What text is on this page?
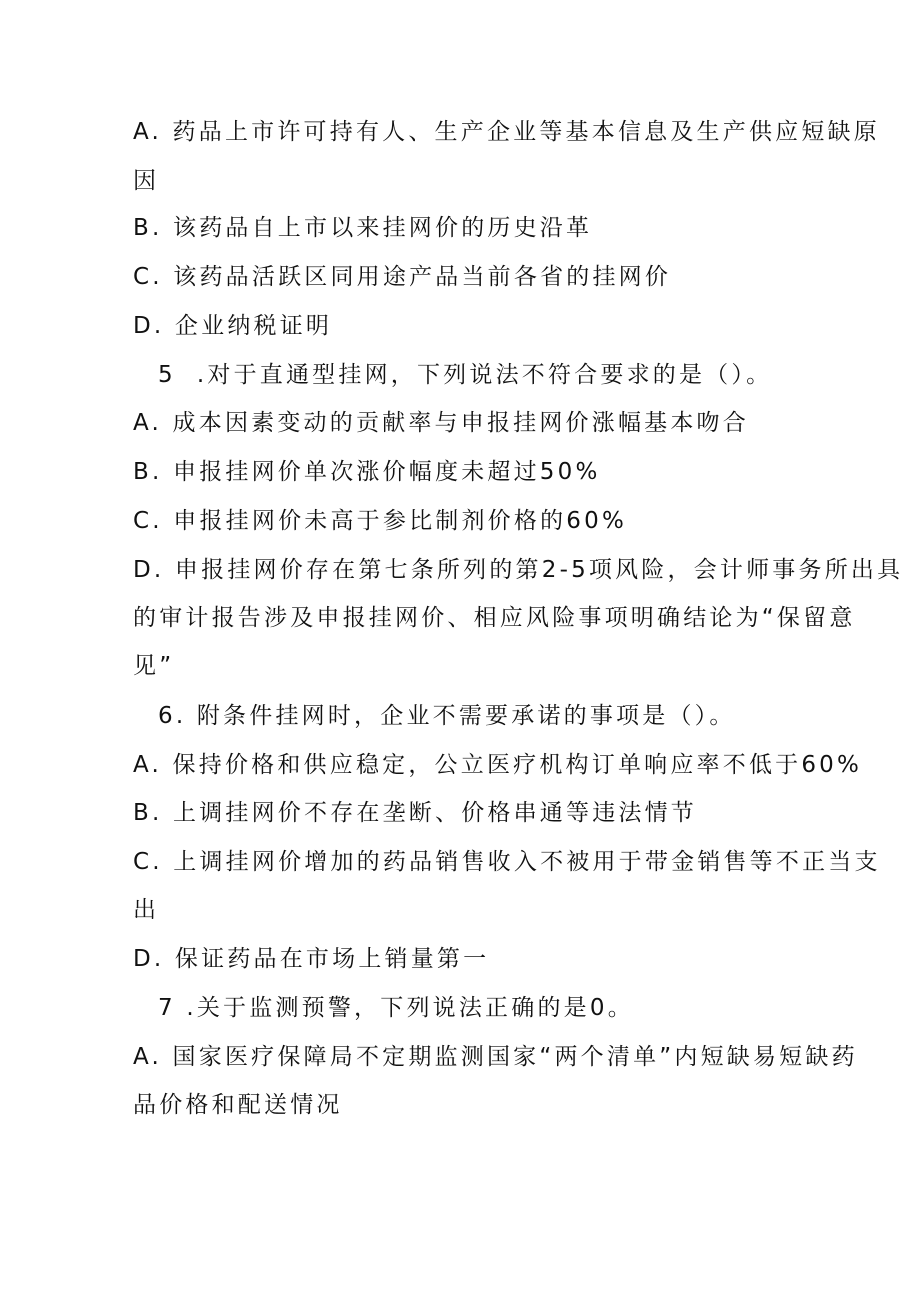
A. 药品上市许可持有人、生产企业等基本信息及生产供应短缺原
因
B. 该药品自上市以来挂网价的历史沿革
C. 该药品活跃区同用途产品当前各省的挂网价
D. 企业纳税证明
5  .对于直通型挂网，下列说法不符合要求的是（）。
A. 成本因素变动的贡献率与申报挂网价涨幅基本吻合
B. 申报挂网价单次涨价幅度未超过50%
C. 申报挂网价未高于参比制剂价格的60%
D. 申报挂网价存在第七条所列的第2-5项风险，会计师事务所出具
的审计报告涉及申报挂网价、相应风险事项明确结论为“保留意
见”
6. 附条件挂网时，企业不需要承诺的事项是（）。
A. 保持价格和供应稳定，公立医疗机构订单响应率不低于60%
B. 上调挂网价不存在垄断、价格串通等违法情节
C. 上调挂网价增加的药品销售收入不被用于带金销售等不正当支
出
D. 保证药品在市场上销量第一
7 .关于监测预警，下列说法正确的是0。
A. 国家医疗保障局不定期监测国家“两个清单”内短缺易短缺药
品价格和配送情况
